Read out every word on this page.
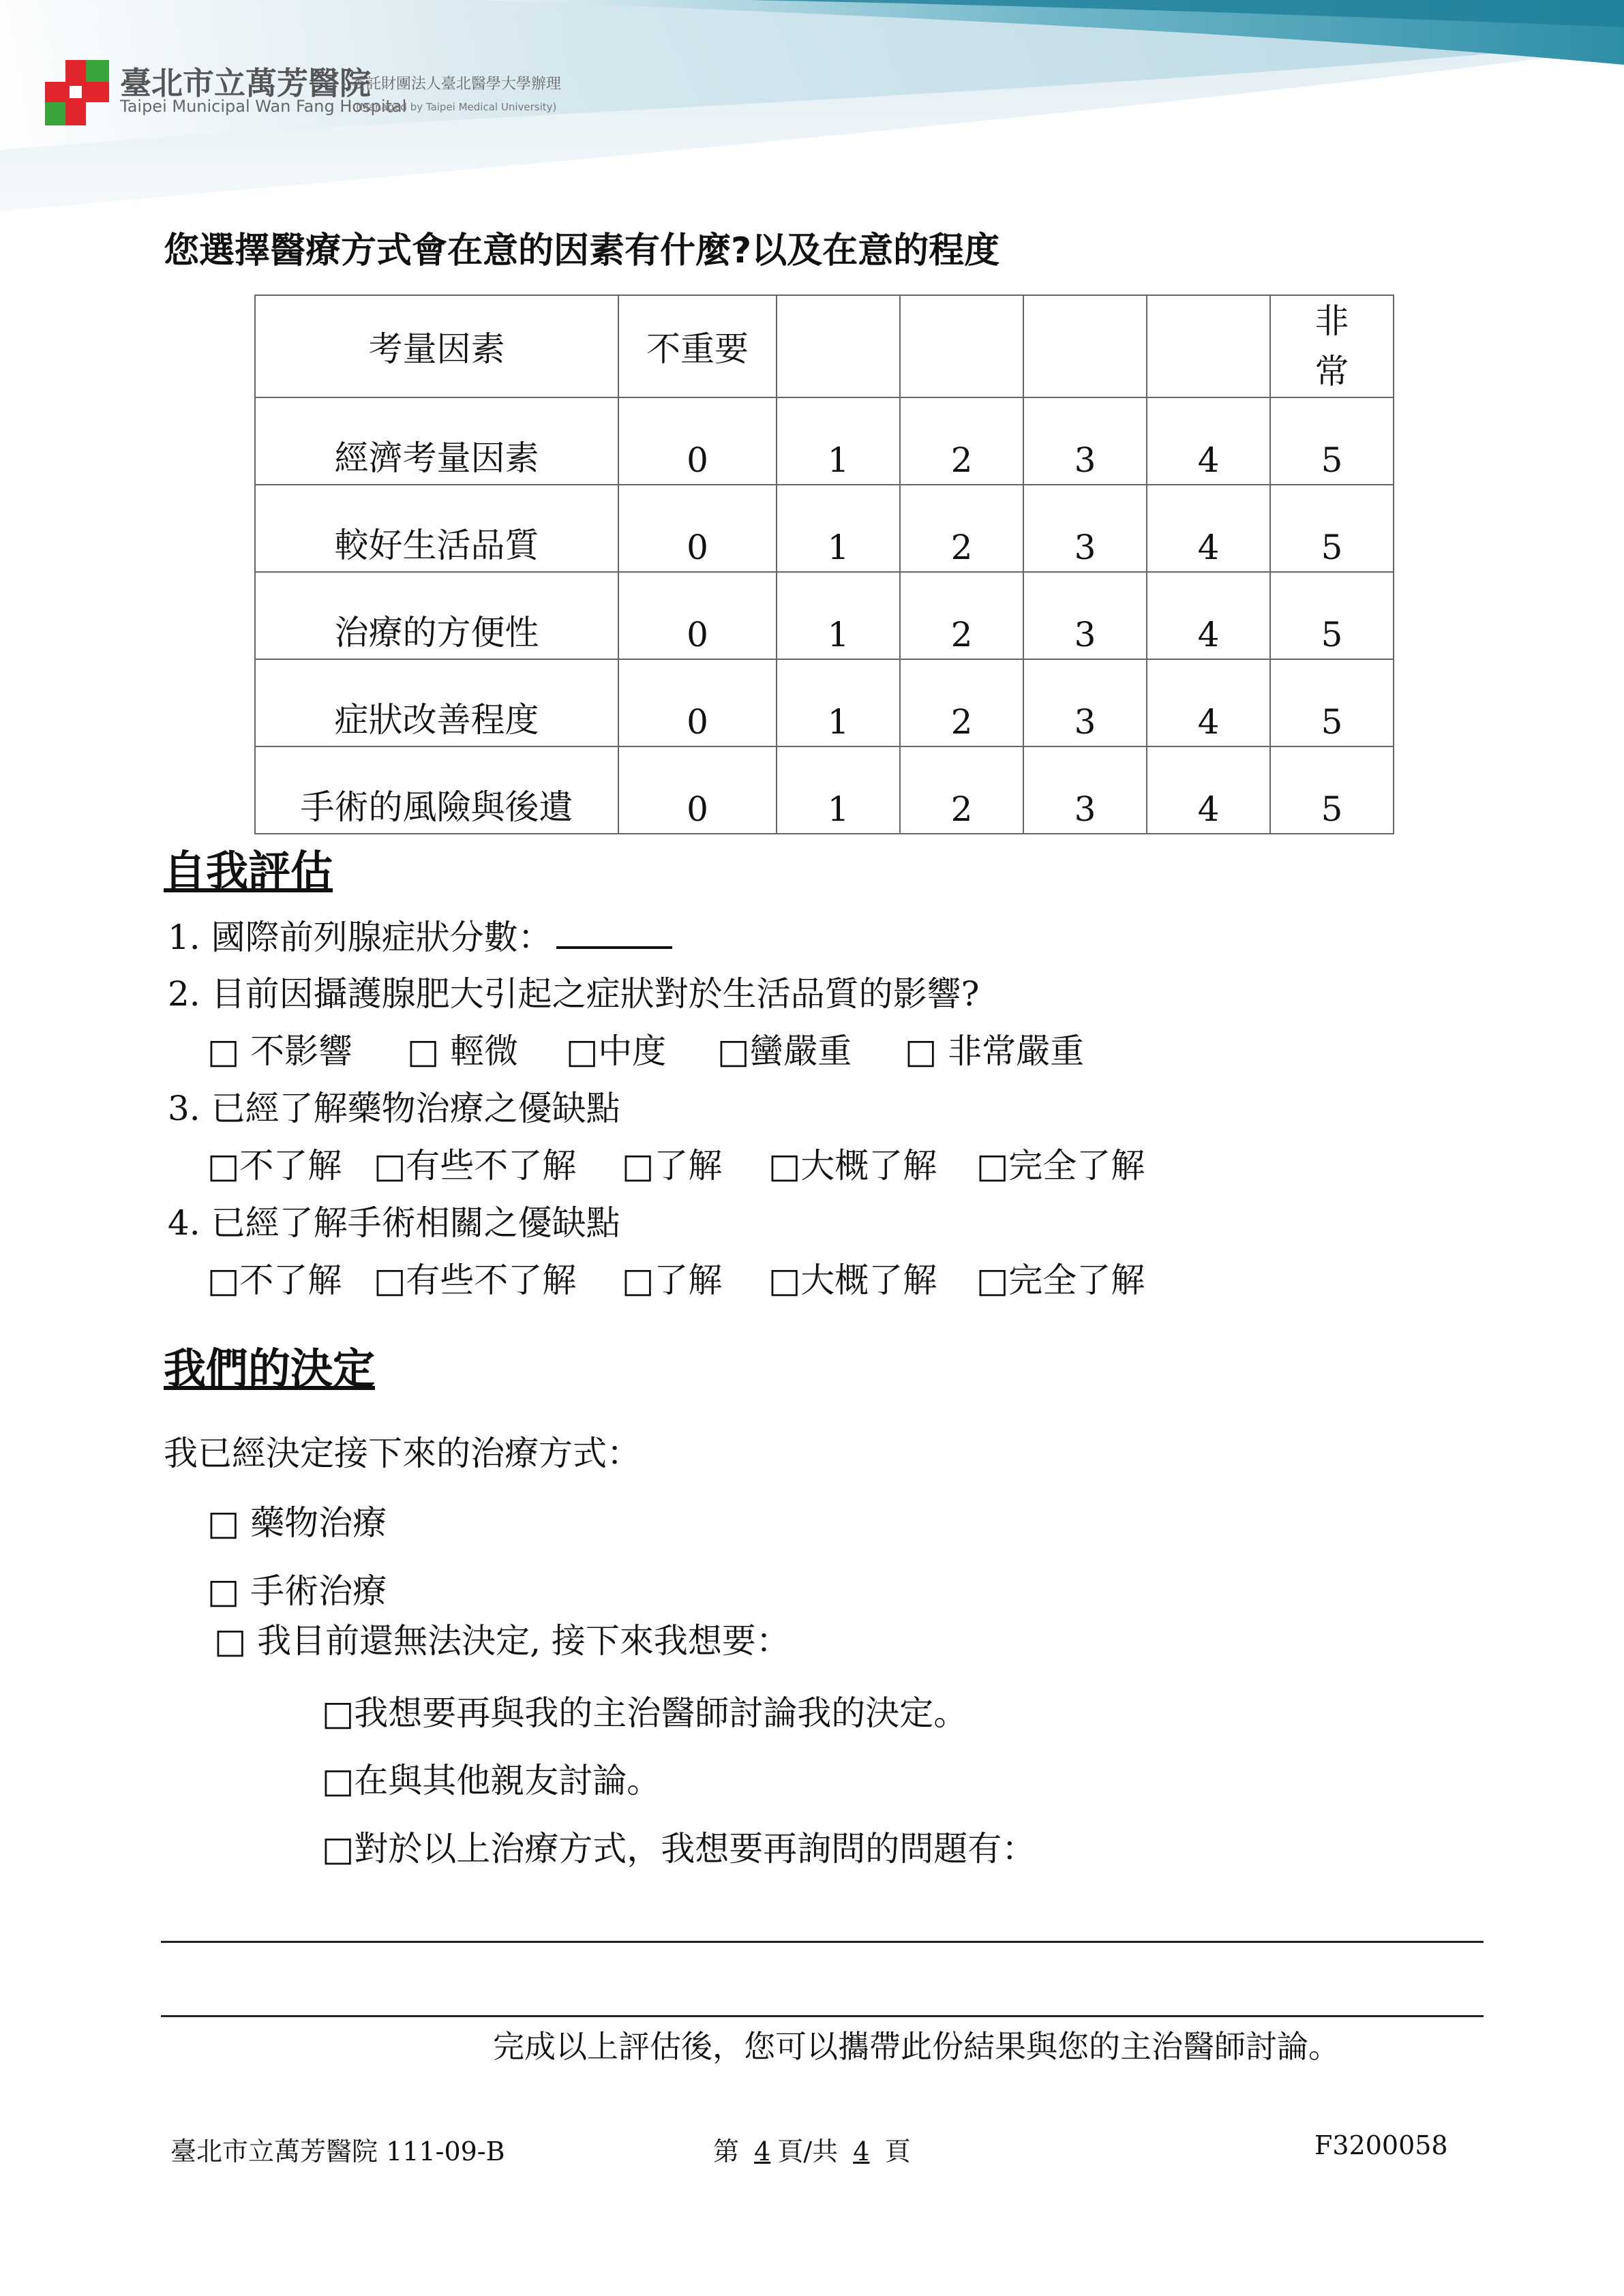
臺北市立萬芳醫院
- 委託財團法人臺北醫學大學辦理
Taipei Municipal Wan Fang Hospital
(Managed by Taipei Medical University)
您選擇醫療方式會在意的因素有什麼?以及在意的程度
考量因素	不重要					非常
經濟考量因素	0	1	2	3	4	5
較好生活品質	0	1	2	3	4	5
治療的方便性	0	1	2	3	4	5
症狀改善程度	0	1	2	3	4	5
手術的風險與後遺	0	1	2	3	4	5
自我評估
1. 國際前列腺症狀分數：
2. 目前因攝護腺肥大引起之症狀對於生活品質的影響?
□ 不影響 □ 輕微 □中度 □蠻嚴重 □ 非常嚴重
3. 已經了解藥物治療之優缺點
□不了解 □有些不了解 □了解 □大概了解 □完全了解
4. 已經了解手術相關之優缺點
□不了解 □有些不了解 □了解 □大概了解 □完全了解
我們的決定
我已經決定接下來的治療方式：
□ 藥物治療
□ 手術治療
□ 我目前還無法決定, 接下來我想要：
□我想要再與我的主治醫師討論我的決定。
□在與其他親友討論。
□對於以上治療方式，我想要再詢問的問題有：
完成以上評估後，您可以攜帶此份結果與您的主治醫師討論。
臺北市立萬芳醫院 111-09-B	第 4 頁/共 4 頁	F3200058
